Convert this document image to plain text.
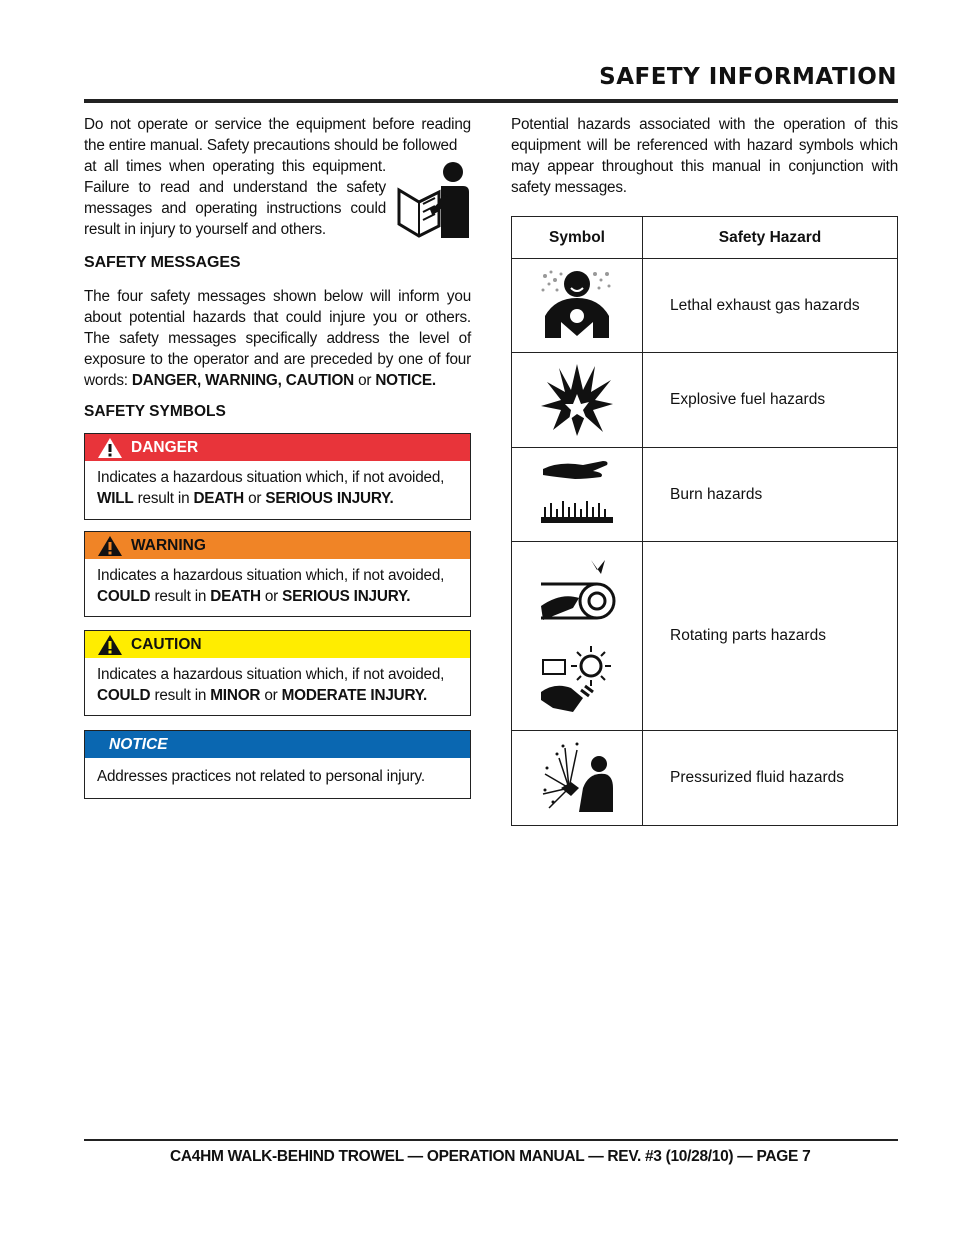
SAFETY INFORMATION

Do not operate or service the equipment before reading the entire manual. Safety precautions should be followed

at all times when operating this equipment. Failure to read and understand the safety messages and operating instructions could result in injury to yourself and others.

SAFETY MESSAGES

The four safety messages shown below will inform you about potential hazards that could injure you or others. The safety messages specifically address the level of exposure to the operator and are preceded by one of four words: DANGER, WARNING, CAUTION or NOTICE.

SAFETY SYMBOLS
DANGER
Indicates a hazardous situation which, if not avoided, WILL result in DEATH or SERIOUS INJURY.
WARNING
Indicates a hazardous situation which, if not avoided, COULD result in DEATH or SERIOUS INJURY.
CAUTION
Indicates a hazardous situation which, if not avoided, COULD result in MINOR or MODERATE INJURY.
NOTICE
Addresses practices not related to personal injury.

Potential hazards associated with the operation of this equipment will be referenced with hazard symbols which may appear throughout this manual in conjunction with safety messages.

Symbol	Safety Hazard
	Lethal exhaust gas hazards
	Explosive fuel hazards
	Burn hazards

	Rotating parts hazards
	Pressurized fluid hazards
CA4HM WALK-BEHIND TROWEL — OPERATION MANUAL — REV. #3 (10/28/10) — PAGE 7
